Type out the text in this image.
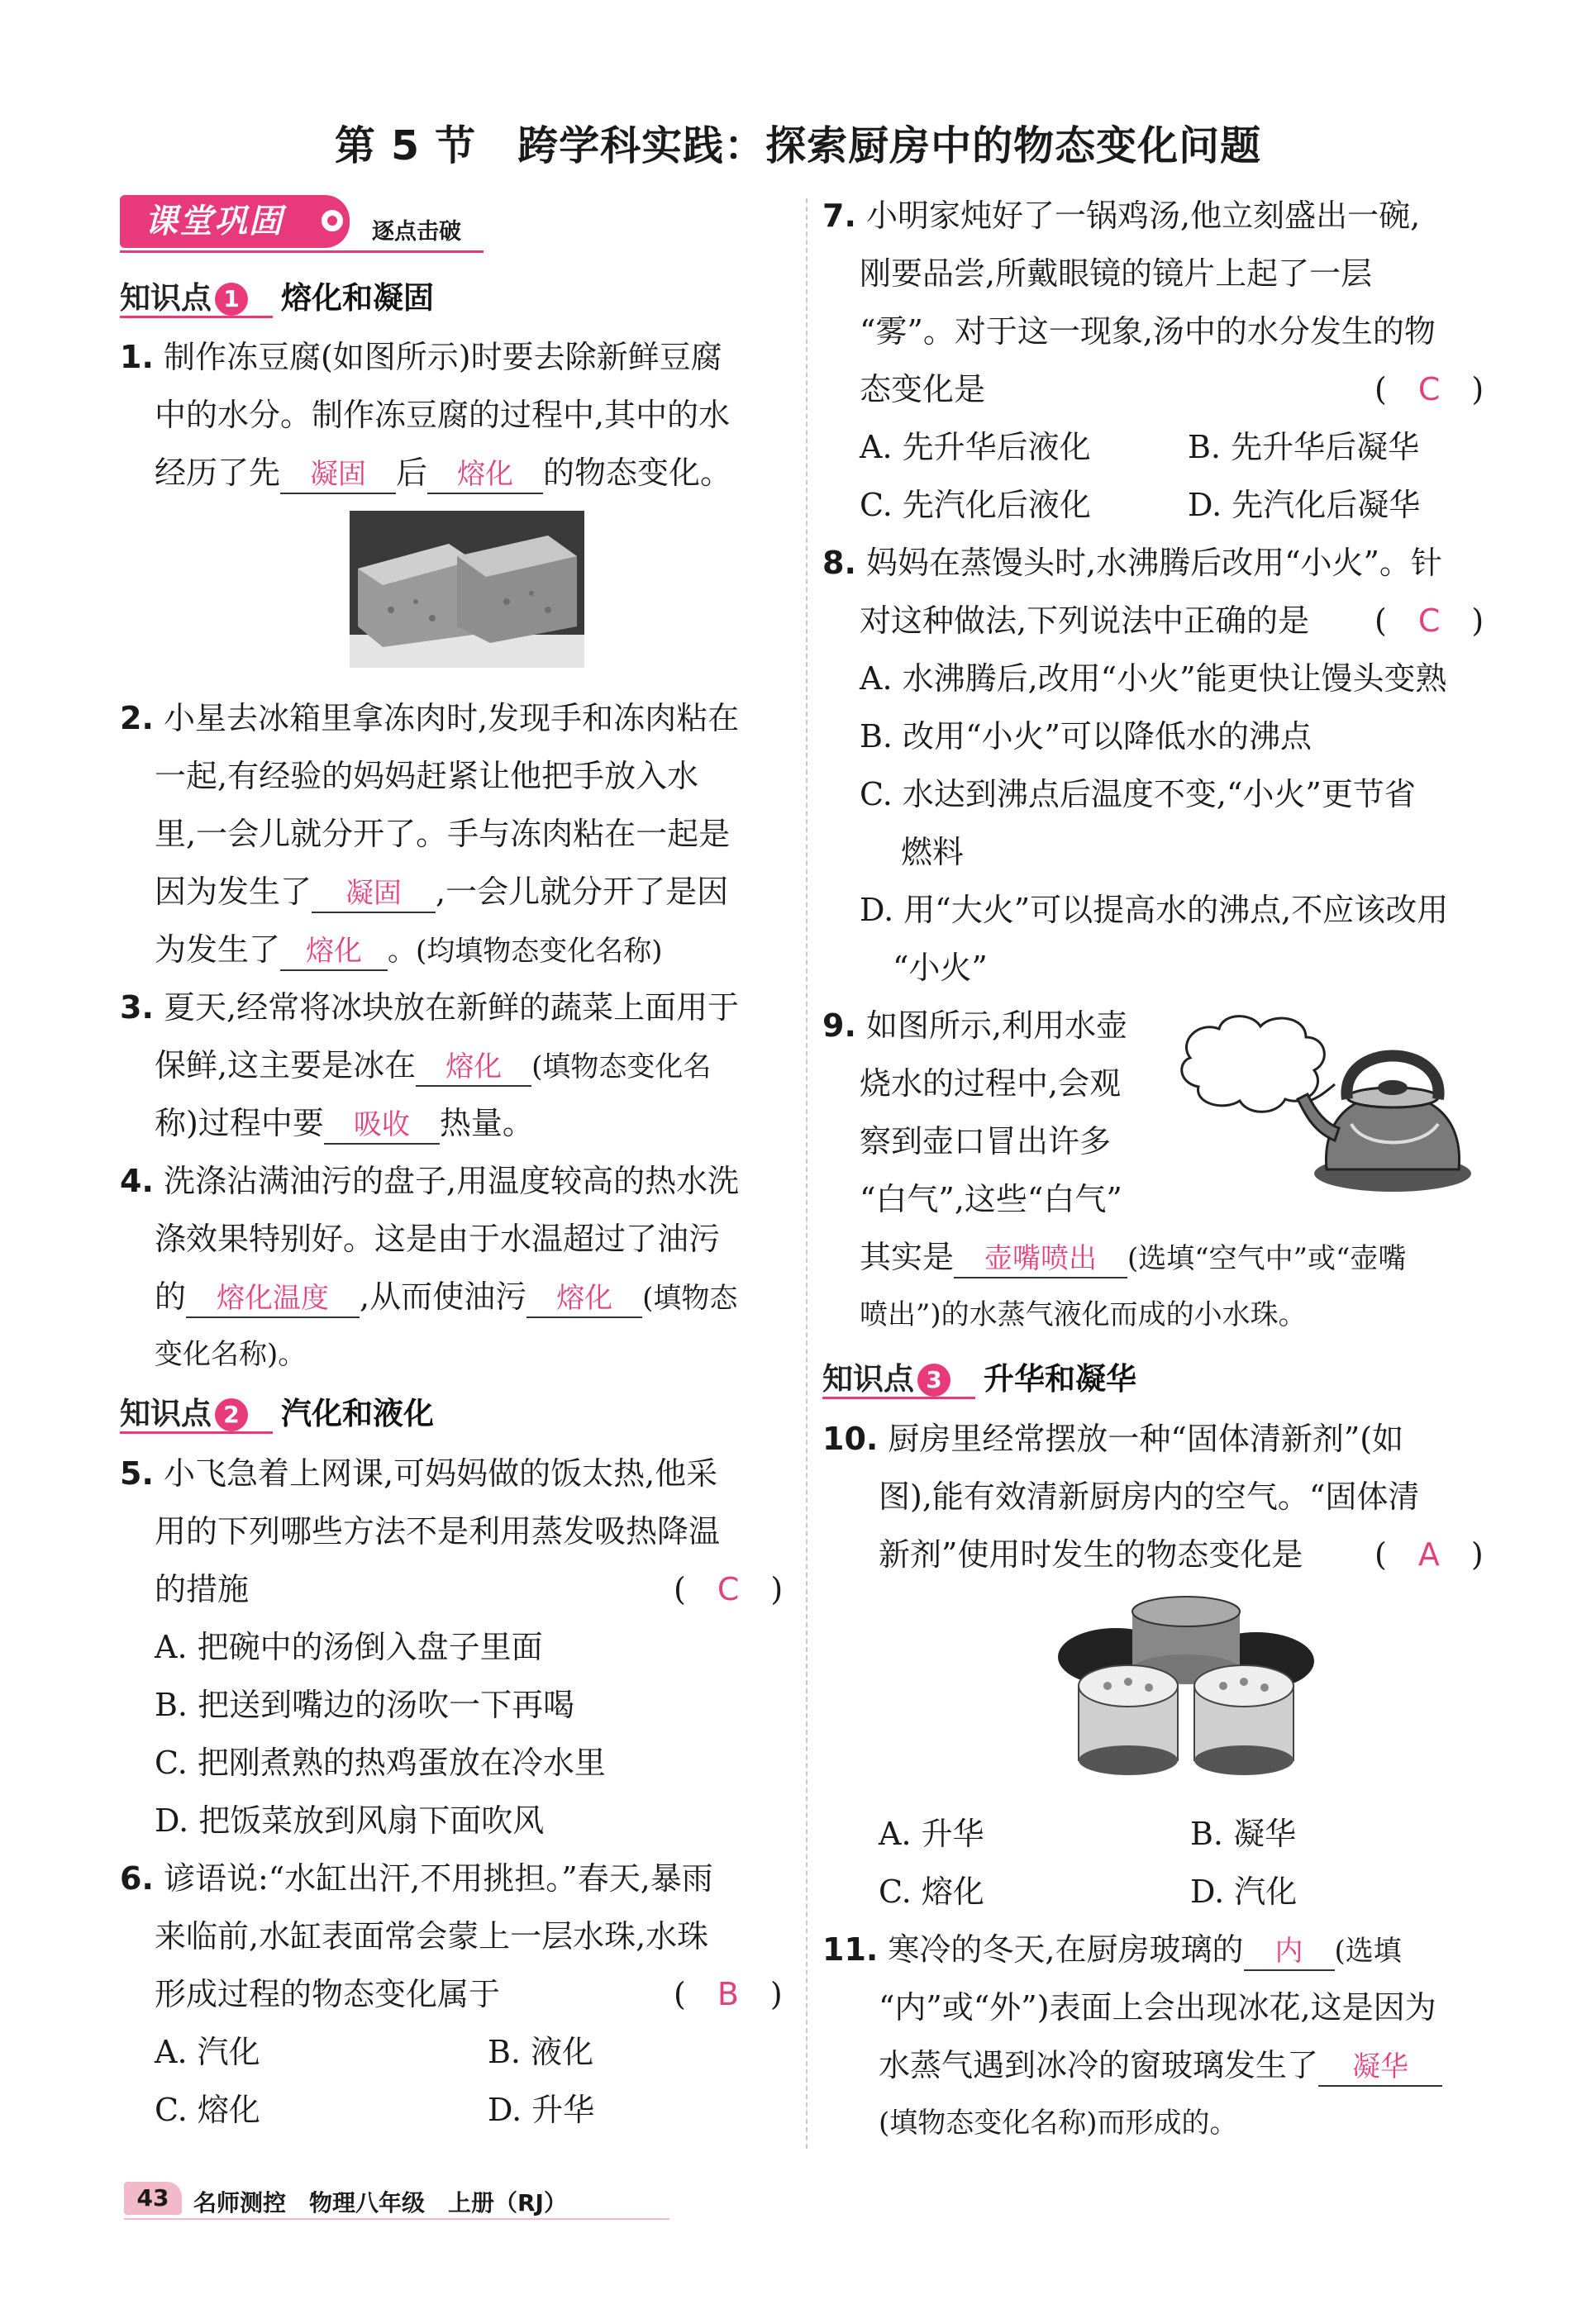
第 5 节　跨学科实践：探索厨房中的物态变化问题
课堂巩固	逐点击破
知识点 1 熔化和凝固
1. 制作冻豆腐(如图所示)时要去除新鲜豆腐
中的水分。制作冻豆腐的过程中,其中的水
经历了先 凝固 后 熔化 的物态变化。
2. 小星去冰箱里拿冻肉时,发现手和冻肉粘在
一起,有经验的妈妈赶紧让他把手放入水
里,一会儿就分开了。手与冻肉粘在一起是
因为发生了 凝固 ,一会儿就分开了是因
为发生了 熔化 。(均填物态变化名称)
3. 夏天,经常将冰块放在新鲜的蔬菜上面用于
保鲜,这主要是冰在 熔化 (填物态变化名
称)过程中要 吸收 热量。
4. 洗涤沾满油污的盘子,用温度较高的热水洗
涤效果特别好。这是由于水温超过了油污
的 熔化温度 ,从而使油污 熔化 (填物态
变化名称)。
知识点 2 汽化和液化
5. 小飞急着上网课,可妈妈做的饭太热,他采
用的下列哪些方法不是利用蒸发吸热降温
的措施	(　C　)
A. 把碗中的汤倒入盘子里面
B. 把送到嘴边的汤吹一下再喝
C. 把刚煮熟的热鸡蛋放在冷水里
D. 把饭菜放到风扇下面吹风
6. 谚语说:“水缸出汗,不用挑担。”春天,暴雨
来临前,水缸表面常会蒙上一层水珠,水珠
形成过程的物态变化属于	(　B　)
A. 汽化	B. 液化
C. 熔化	D. 升华
7. 小明家炖好了一锅鸡汤,他立刻盛出一碗,
刚要品尝,所戴眼镜的镜片上起了一层
“雾”。对于这一现象,汤中的水分发生的物
态变化是	(　C　)
A. 先升华后液化	B. 先升华后凝华
C. 先汽化后液化	D. 先汽化后凝华
8. 妈妈在蒸馒头时,水沸腾后改用“小火”。针
对这种做法,下列说法中正确的是 (　C　)
A. 水沸腾后,改用“小火”能更快让馒头变熟
B. 改用“小火”可以降低水的沸点
C. 水达到沸点后温度不变,“小火”更节省
燃料
D. 用“大火”可以提高水的沸点,不应该改用
“小火”
9. 如图所示,利用水壶
烧水的过程中,会观
察到壶口冒出许多
“白气”,这些“白气”
其实是 壶嘴喷出 (选填“空气中”或“壶嘴
喷出”)的水蒸气液化而成的小水珠。
知识点 3 升华和凝华
10. 厨房里经常摆放一种“固体清新剂”(如
图),能有效清新厨房内的空气。“固体清
新剂”使用时发生的物态变化是 (　A　)
A. 升华	B. 凝华
C. 熔化	D. 汽化
11. 寒冷的冬天,在厨房玻璃的 内 (选填
“内”或“外”)表面上会出现冰花,这是因为
水蒸气遇到冰冷的窗玻璃发生了 凝华
(填物态变化名称)而形成的。
43	名师测控　物理八年级　上册（RJ）
